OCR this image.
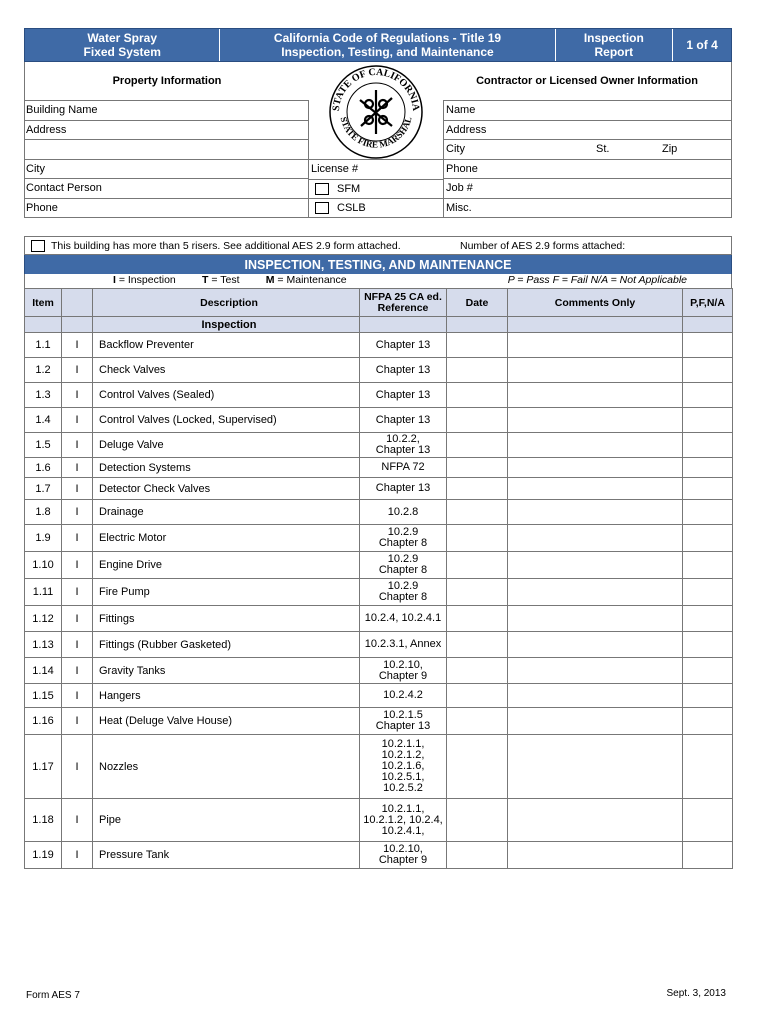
Water Spray
Fixed System
California Code of Regulations - Title 19
Inspection, Testing, and Maintenance
Inspection
Report	1 of 4
Property Information
Building Name
Address
City
Contact Person
Phone
STATE OF CALIFORNIA
STATE FIRE MARSHAL
License #
SFM
CSLB
Contractor or Licensed Owner Information
Name
Address
City	St.	Zip
Phone
Job #
Misc.
This building has more than 5 risers. See additional AES 2.9 form attached.	Number of AES 2.9 forms attached:
INSPECTION, TESTING, AND MAINTENANCE
I = Inspection	T = Test	M = Maintenance	P = Pass F = Fail N/A = Not Applicable
Item		Description	NFPA 25 CA ed. Reference	Date	Comments Only	P,F,N/A
		Inspection				
1.1	I	Backflow Preventer	Chapter 13			
1.2	I	Check Valves	Chapter 13			
1.3	I	Control Valves (Sealed)	Chapter 13			
1.4	I	Control Valves (Locked, Supervised)	Chapter 13			
1.5	I	Deluge Valve	10.2.2,
Chapter 13			
1.6	I	Detection Systems	NFPA 72			
1.7	I	Detector Check Valves	Chapter 13			
1.8	I	Drainage	10.2.8			
1.9	I	Electric Motor	10.2.9
Chapter 8			
1.10	I	Engine Drive	10.2.9
Chapter 8			
1.11	I	Fire Pump	10.2.9
Chapter 8			
1.12	I	Fittings	10.2.4, 10.2.4.1			
1.13	I	Fittings (Rubber Gasketed)	10.2.3.1, Annex			
1.14	I	Gravity Tanks	10.2.10,
Chapter 9			
1.15	I	Hangers	10.2.4.2			
1.16	I	Heat (Deluge Valve House)	10.2.1.5
Chapter 13			
1.17	I	Nozzles	10.2.1.1,
10.2.1.2,
10.2.1.6,
10.2.5.1,
10.2.5.2			
1.18	I	Pipe	10.2.1.1,
10.2.1.2, 10.2.4,
10.2.4.1,			
1.19	I	Pressure Tank	10.2.10,
Chapter 9			
Form AES 7	Sept. 3, 2013
